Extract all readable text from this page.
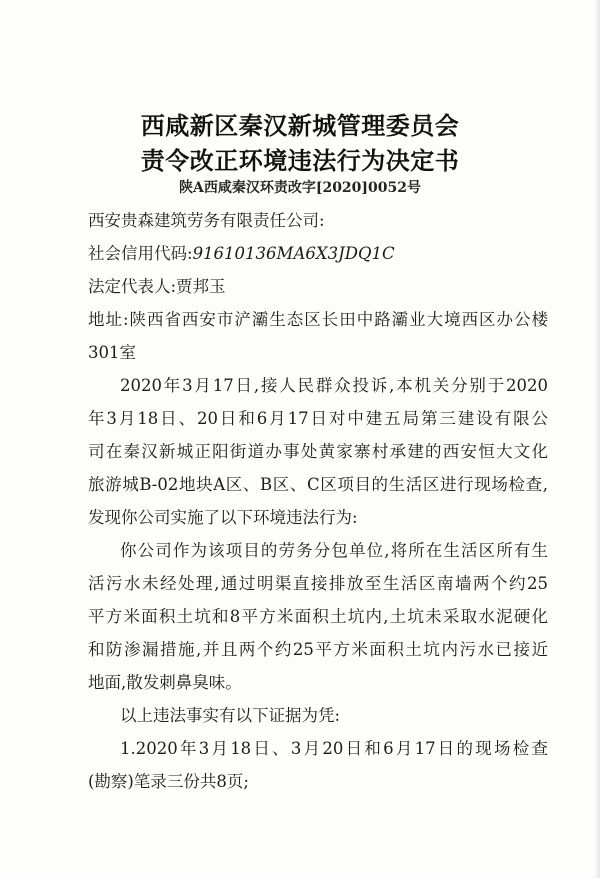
西咸新区秦汉新城管理委员会
责令改正环境违法行为决定书
陕A西咸秦汉环责改字[2020]0052号
西安贵森建筑劳务有限责任公司:
社会信用代码:91610136MA6X3JDQ1C
法定代表人:贾邦玉
地址:陕西省西安市浐灞生态区长田中路灞业大境西区办公楼
301室
2020年3月17日,接人民群众投诉,本机关分别于2020
年3月18日、20日和6月17日对中建五局第三建设有限公
司在秦汉新城正阳街道办事处黄家寨村承建的西安恒大文化
旅游城B-02地块A区、B区、C区项目的生活区进行现场检查,
发现你公司实施了以下环境违法行为:
你公司作为该项目的劳务分包单位,将所在生活区所有生
活污水未经处理,通过明渠直接排放至生活区南墙两个约25
平方米面积土坑和8平方米面积土坑内,土坑未采取水泥硬化
和防渗漏措施,并且两个约25平方米面积土坑内污水已接近
地面,散发刺鼻臭味。
以上违法事实有以下证据为凭:
1.2020年3月18日、3月20日和6月17日的现场检查
(勘察)笔录三份共8页;
